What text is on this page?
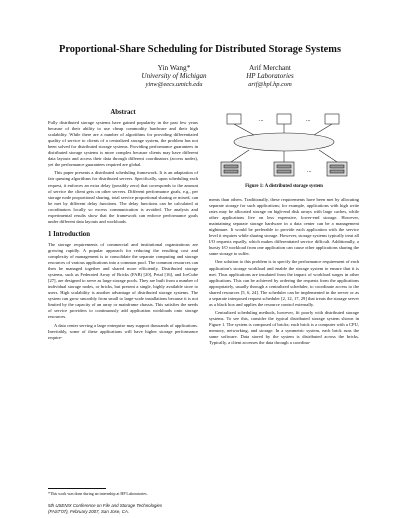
Proportional-Share Scheduling for Distributed Storage Systems
Yin Wang*
University of Michigan
yinw@eecs.umich.edu
Arif Merchant
HP Laboratories
arif@hpl.hp.com
Abstract

Fully distributed storage systems have gained popularity in the past few years because of their ability to use cheap commodity hardware and their high scalability. While there are a number of algorithms for providing differentiated quality of service to clients of a centralized storage system, the problem has not been solved for distributed storage systems. Providing performance guarantees in distributed storage systems is more complex because clients may have different data layouts and access their data through different coordinators (access nodes), yet the performance guarantees required are global.

This paper presents a distributed scheduling framework. It is an adaptation of fair queuing algorithms for distributed servers. Specifically, upon scheduling each request, it enforces an extra delay (possibly zero) that corresponds to the amount of service the client gets on other servers. Different performance goals, e.g., per storage node proportional sharing, total service proportional sharing or mixed, can be met by different delay functions. The delay functions can be calculated at coordinators locally so excess communication is avoided. The analysis and experimental results show that the framework can enforce performance goals under different data layouts and workloads.

1 Introduction

The storage requirements of commercial and institutional organizations are growing rapidly. A popular approach for reducing the resulting cost and complexity of management is to consolidate the separate computing and storage resources of various applications into a common pool. The common resources can then be managed together and shared more efficiently. Distributed storage systems, such as Federated Array of Bricks (FAB) [20], Petal [16], and IceCube [27], are designed to serve as large storage pools. They are built from a number of individual storage nodes, or bricks, but present a single, highly available store to users. High scalability is another advantage of distributed storage systems. The system can grow smoothly from small to large-scale installations because it is not limited by the capacity of an array or mainframe chassis. This satisfies the needs of service providers to continuously add application workloads onto storage resources.

A data center serving a large enterprise may support thousands of applications. Inevitably, some of these applications will have higher storage performance require-

...	...
...
Figure 1: A distributed storage system

ments than others. Traditionally, these requirements have been met by allocating separate storage for such applications; for example, applications with high write rates may be allocated storage on high-end disk arrays with large caches, while other applications live on less expensive, lower-end storage. However, maintaining separate storage hardware in a data center can be a management nightmare. It would be preferable to provide each application with the service level it requires while sharing storage. However, storage systems typically treat all I/O requests equally, which makes differentiated service difficult. Additionally, a bursty I/O workload from one application can cause other applications sharing the same storage to suffer.

One solution to this problem is to specify the performance requirement of each application's storage workload and enable the storage system to ensure that it is met. Thus applications are insulated from the impact of workload surges in other applications. This can be achieved by ordering the requests from the applications appropriately, usually through a centralized scheduler, to coordinate access to the shared resources [5, 6, 24]. The scheduler can be implemented in the server or as a separate interposed request scheduler [2, 12, 17, 29] that treats the storage server as a black box and applies the resource control externally.

Centralized scheduling methods, however, fit poorly with distributed storage systems. To see this, consider the typical distributed storage system shown in Figure 1. The system is composed of bricks; each brick is a computer with a CPU, memory, networking, and storage. In a symmetric system, each brick runs the same software. Data stored by the system is distributed across the bricks. Typically, a client accesses the data through a coordina-

*This work was done during an internship at HP Laboratories.
5th USENIX Conference on File and Storage Technologies
(FAST'07), February 2007, San Jose, CA.
